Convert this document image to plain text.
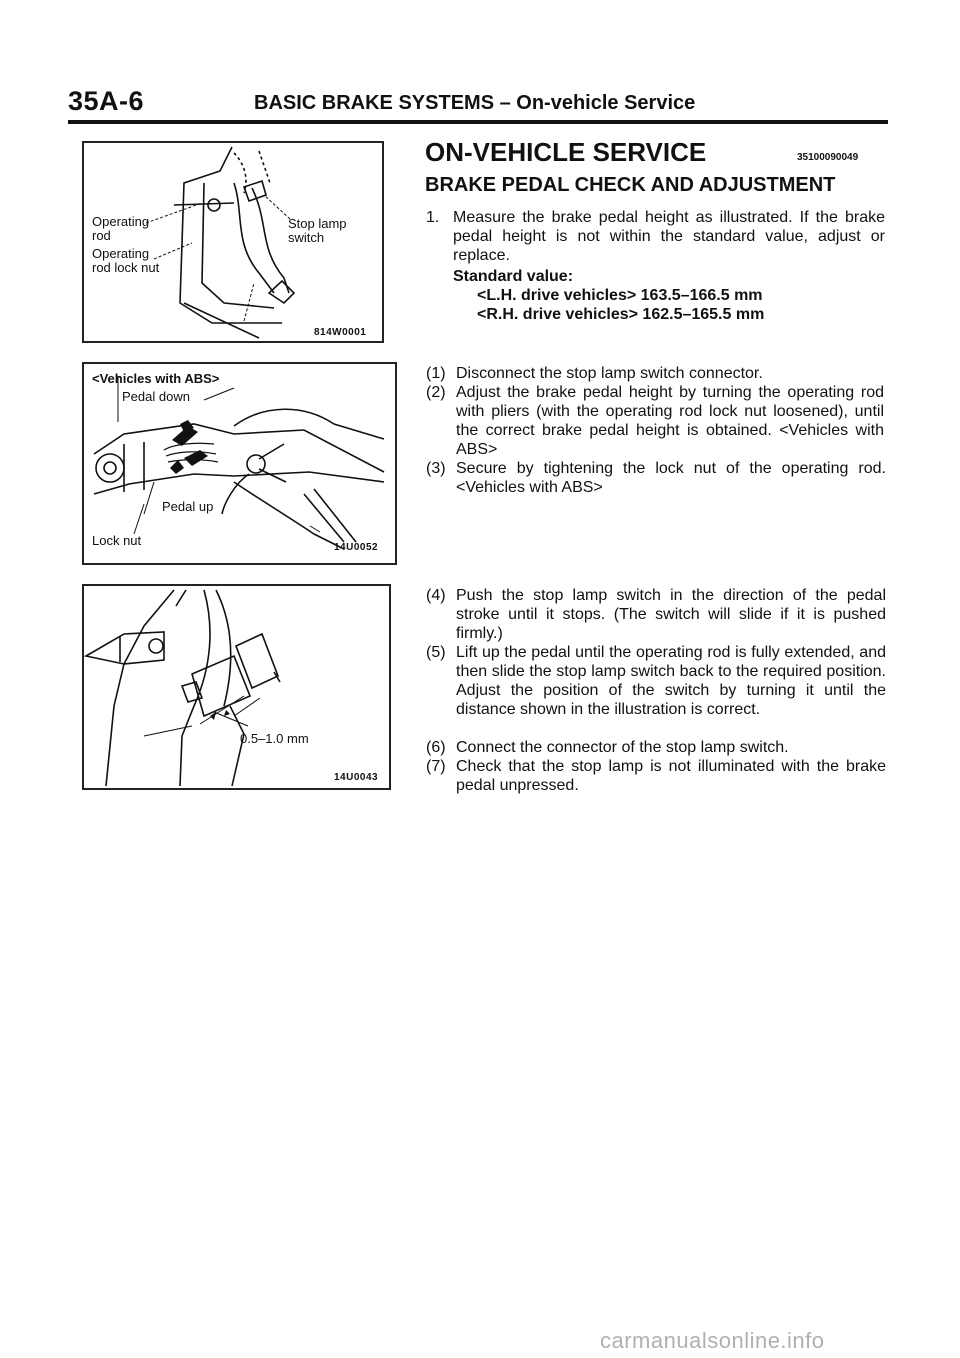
35A-6	BASIC BRAKE SYSTEMS – On-vehicle Service
Operating
rod
Operating
rod lock nut
Stop lamp
switch
814W0001
<Vehicles with ABS>
Pedal down
Pedal up
Lock nut	14U0052
0.5–1.0 mm
14U0043
ON-VEHICLE SERVICE	35100090049
BRAKE PEDAL CHECK AND ADJUSTMENT
1. Measure the brake pedal height as illustrated. If the brake pedal height is not within the standard value, adjust or replace.
Standard value:
<L.H. drive vehicles> 163.5–166.5 mm
<R.H. drive vehicles> 162.5–165.5 mm
(1) Disconnect the stop lamp switch connector.
(2) Adjust the brake pedal height by turning the operating rod with pliers (with the operating rod lock nut loosened), until the correct brake pedal height is obtained. <Vehicles with ABS>
(3) Secure by tightening the lock nut of the operating rod. <Vehicles with ABS>
(4) Push the stop lamp switch in the direction of the pedal stroke until it stops. (The switch will slide if it is pushed firmly.)
(5) Lift up the pedal until the operating rod is fully extended, and then slide the stop lamp switch back to the required position. Adjust the position of the switch by turning it until the distance shown in the illustration is correct.
(6) Connect the connector of the stop lamp switch.
(7) Check that the stop lamp is not illuminated with the brake pedal unpressed.
carmanualsonline.info
